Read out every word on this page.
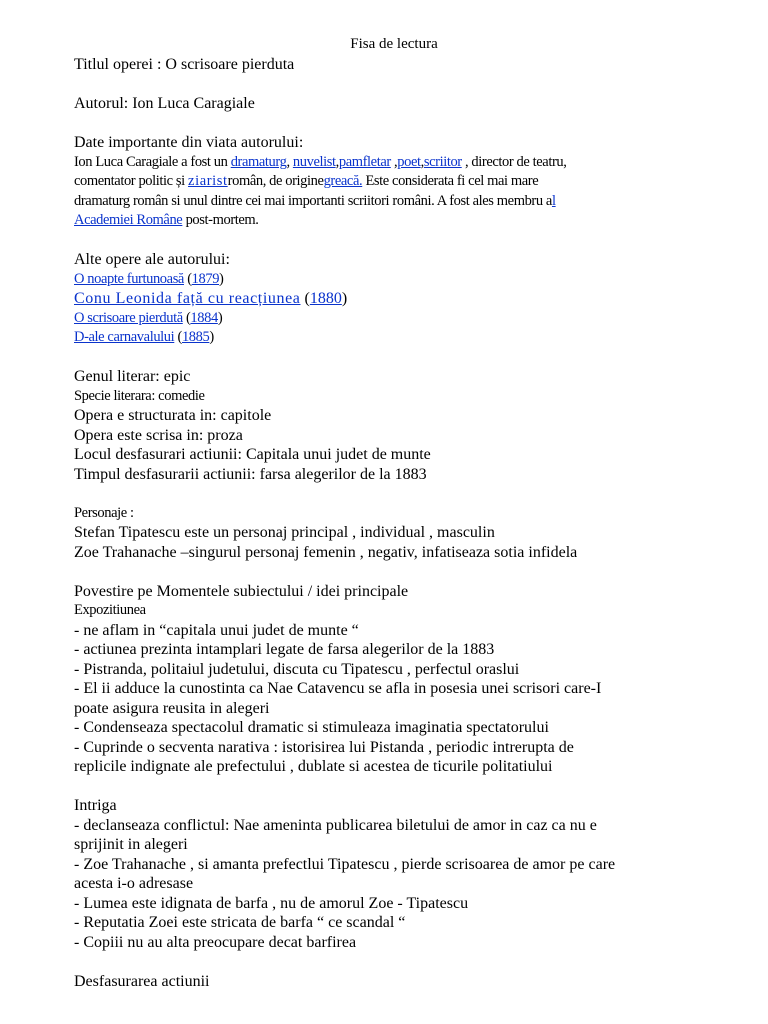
Fisa de lectura

Titlul operei : O scrisoare pierduta

Autorul: Ion Luca Caragiale

Date importante din viata autorului:

Ion Luca Caragiale a fost un dramaturg, nuvelist,pamfletar ,poet,scriitor , director de teatru,

comentator politic și ziaristromân, de originegreacă. Este considerata fi cel mai mare

dramaturg român si unul dintre cei mai importanti scriitori români. A fost ales membru al

Academiei Române post-mortem.

Alte opere ale autorului:

O noapte furtunoasă (1879)

Conu Leonida față cu reacțiunea (1880)

O scrisoare pierdută (1884)

D-ale carnavalului (1885)

Genul literar: epic

Specie literara: comedie

Opera e structurata in: capitole

Opera este scrisa in: proza

Locul desfasurari actiunii: Capitala unui judet de munte

Timpul desfasurarii actiunii: farsa alegerilor de la 1883

Personaje :

Stefan Tipatescu este un personaj principal , individual , masculin

Zoe Trahanache –singurul personaj femenin , negativ, infatiseaza sotia infidela

Povestire pe Momentele subiectului / idei principale

Expozitiunea

- ne aflam in “capitala unui judet de munte “

- actiunea prezinta intamplari legate de farsa alegerilor de la 1883

- Pistranda, politaiul judetului, discuta cu Tipatescu , perfectul oraslui

- El ii adduce la cunostinta ca Nae Catavencu se afla in posesia unei scrisori care-I

poate asigura reusita in alegeri

- Condenseaza spectacolul dramatic si stimuleaza imaginatia spectatorului

- Cuprinde o secventa narativa : istorisirea lui Pistanda , periodic intrerupta de

replicile indignate ale prefectului , dublate si acestea de ticurile politatiului

Intriga

- declanseaza conflictul: Nae ameninta publicarea biletului de amor in caz ca nu e

sprijinit in alegeri

- Zoe Trahanache , si amanta prefectlui Tipatescu , pierde scrisoarea de amor pe care

acesta i-o adresase

- Lumea este idignata de barfa , nu de amorul Zoe - Tipatescu

- Reputatia Zoei este stricata de barfa “ ce scandal “

- Copiii nu au alta preocupare decat barfirea

Desfasurarea actiunii
